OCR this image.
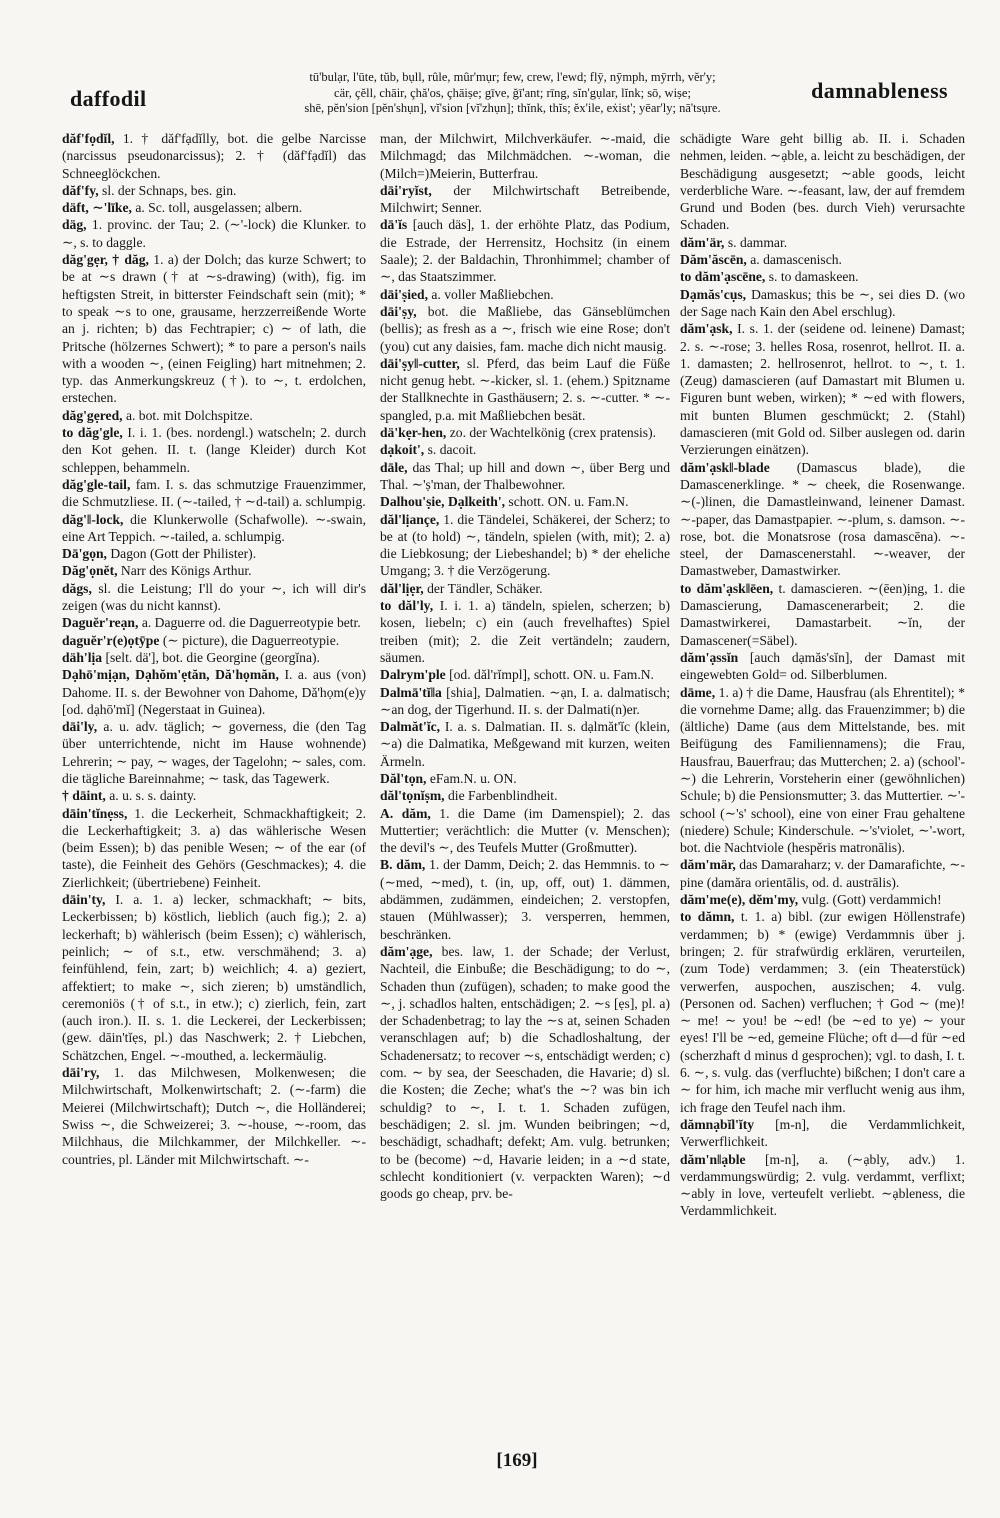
daffodil
tū'bulạr, l'ūte, tŭb, bụll, rûle, mûr'mụr; few, crew, l'ewd; flȳ, nȳmph, mȳrrh, vĕr'y;
cär, çĕll, chāir, çhă'os, çhāiṣe; gīve, ğī'ant; rīng, sĭn'gụlar, lĭnk; sō, wiṣe;
shē, pĕn'sion [pĕn'shụn], vĭ'sion [vĭ'zhụn]; thĭnk, thĭs; ĕx'ile, eẋist'; yēar'ly; nā'tsụre.
damnableness

dăf'fọdĭl, 1. † dăf'fạdĭlly, bot. die gelbe Narcisse (narcissus pseudonarcissus); 2. † (dăf'fạdĭl) das Schneeglöckchen.

dăf'fy, sl. der Schnaps, bes. gin.

däft, ∼'līke, a. Sc. toll, ausgelassen; albern.

däg, 1. provinc. der Tau; 2. (∼'-lock) die Klunker. to ∼, s. to daggle.

dăg'gẹr, † dăg, 1. a) der Dolch; das kurze Schwert; to be at ∼s drawn († at ∼s-drawing) (with), fig. im heftigsten Streit, in bitterster Feindschaft sein (mit); * to speak ∼s to one, grausame, herzzerreißende Worte an j. richten; b) das Fechtrapier; c) ∼ of lath, die Pritsche (hölzernes Schwert); * to pare a person's nails with a wooden ∼, (einen Feigling) hart mitnehmen; 2. typ. das Anmerkungskreuz (†). to ∼, t. erdolchen, erstechen.

dăg'gẹred, a. bot. mit Dolchspitze.

to dăg'gle, I. i. 1. (bes. nordengl.) watscheln; 2. durch den Kot gehen. II. t. (lange Kleider) durch Kot schleppen, behammeln.

dăg'gle-tail, fam. I. s. das schmutzige Frauenzimmer, die Schmutzliese. II. (∼-tailed, † ∼d-tail) a. schlumpig.

dăg'‖-lock, die Klunkerwolle (Schafwolle). ∼-swain, eine Art Teppich. ∼-tailed, a. schlumpig.

Dā'gọn, Dagon (Gott der Philister).

Dăg'ọnĕt, Narr des Königs Arthur.

dăgs, sl. die Leistung; I'll do your ∼, ich will dir's zeigen (was du nicht kannst).

Daguĕr'reạn, a. Daguerre od. die Daguerreotypie betr.

daguĕr'r(e)ọtȳpe (∼ picture), die Daguerreotypie.

däh'lịa [selt. dä'], bot. die Georgine (georgĭna).

Dạhō'mịạn, Dạhŏm'ẹtăn, Dă'họmăn, I. a. aus (von) Dahome. II. s. der Bewohner von Dahome, Dă'họm(e)y [od. dạhō'mĭ] (Negerstaat in Guinea).

dāi'ly, a. u. adv. täglich; ∼ governess, die (den Tag über unterrichtende, nicht im Hause wohnende) Lehrerin; ∼ pay, ∼ wages, der Tagelohn; ∼ sales, com. die tägliche Bareinnahme; ∼ task, das Tagewerk.

† dāint, a. u. s. s. dainty.

dāin'tĭnẹss, 1. die Leckerheit, Schmackhaftigkeit; 2. die Leckerhaftigkeit; 3. a) das wählerische Wesen (beim Essen); b) das penible Wesen; ∼ of the ear (of taste), die Feinheit des Gehörs (Geschmackes); 4. die Zierlichkeit; (übertriebene) Feinheit.

dāin'ty, I. a. 1. a) lecker, schmackhaft; ∼ bits, Leckerbissen; b) köstlich, lieblich (auch fig.); 2. a) leckerhaft; b) wählerisch (beim Essen); c) wählerisch, peinlich; ∼ of s.t., etw. verschmähend; 3. a) feinfühlend, fein, zart; b) weichlich; 4. a) geziert, affektiert; to make ∼, sich zieren; b) umständlich, ceremoniös († of s.t., in etw.); c) zierlich, fein, zart (auch iron.). II. s. 1. die Leckerei, der Leckerbissen; (gew. dāin'tĭẹs, pl.) das Naschwerk; 2. † Liebchen, Schätzchen, Engel. ∼-mouthed, a. leckermäulig.

dāi'ry, 1. das Milchwesen, Molkenwesen; die Milchwirtschaft, Molkenwirtschaft; 2. (∼-farm) die Meierei (Milchwirtschaft); Dutch ∼, die Holländerei; Swiss ∼, die Schweizerei; 3. ∼-house, ∼-room, das Milchhaus, die Milchkammer, der Milchkeller. ∼-countries, pl. Länder mit Milchwirtschaft. ∼-

man, der Milchwirt, Milchverkäufer. ∼-maid, die Milchmagd; das Milchmädchen. ∼-woman, die (Milch=)Meierin, Butterfrau.

dāi'ryĭst, der Milchwirtschaft Betreibende, Milchwirt; Senner.

dā'ĭs [auch däs], 1. der erhöhte Platz, das Podium, die Estrade, der Herrensitz, Hochsitz (in einem Saale); 2. der Baldachin, Thronhimmel; chamber of ∼, das Staatszimmer.

dāi'ṣied, a. voller Maßliebchen.

dāi'ṣy, bot. die Maßliebe, das Gänseblümchen (bellis); as fresh as a ∼, frisch wie eine Rose; don't (you) cut any daisies, fam. mache dich nicht mausig.

dāi'ṣy‖-cutter, sl. Pferd, das beim Lauf die Füße nicht genug hebt. ∼-kicker, sl. 1. (ehem.) Spitzname der Stallknechte in Gasthäusern; 2. s. ∼-cutter. * ∼-spangled, p.a. mit Maßliebchen besät.

dä'kẹr-hen, zo. der Wachtelkönig (crex pratensis).

dạkoit', s. dacoit.

dāle, das Thal; up hill and down ∼, über Berg und Thal. ∼'ṣ'man, der Thalbewohner.

Dalhou'ṣie, Dạlkeith', schott. ON. u. Fam.N.

dăl'lịançe, 1. die Tändelei, Schäkerei, der Scherz; to be at (to hold) ∼, tändeln, spielen (with, mit); 2. a) die Liebkosung; der Liebeshandel; b) * der eheliche Umgang; 3. † die Verzögerung.

dăl'lịẹr, der Tändler, Schäker.

to dăl'ly, I. i. 1. a) tändeln, spielen, scherzen; b) kosen, liebeln; c) ein (auch frevelhaftes) Spiel treiben (mit); 2. die Zeit vertändeln; zaudern, säumen.

Dalrym'ple [od. dăl'rĭmpl], schott. ON. u. Fam.N.

Dalmā'tĭ‖a [shia], Dalmatien. ∼ạn, I. a. dalmatisch; ∼an dog, der Tigerhund. II. s. der Dalmati(n)er.

Dalmăt'ĭc, I. a. s. Dalmatian. II. s. dạlmăt'ĭc (klein, ∼a) die Dalmatika, Meßgewand mit kurzen, weiten Ärmeln.

Dăl'tọn, eFam.N. u. ON.

dăl'tọnĭṣm, die Farbenblindheit.

A. dăm, 1. die Dame (im Damenspiel); 2. das Muttertier; verächtlich: die Mutter (v. Menschen); the devil's ∼, des Teufels Mutter (Großmutter).

B. dăm, 1. der Damm, Deich; 2. das Hemmnis. to ∼ (∼med, ∼med), t. (in, up, off, out) 1. dämmen, abdämmen, zudämmen, eindeichen; 2. verstopfen, stauen (Mühlwasser); 3. versperren, hemmen, beschränken.

dăm'ạge, bes. law, 1. der Schade; der Verlust, Nachteil, die Einbuße; die Beschädigung; to do ∼, Schaden thun (zufügen), schaden; to make good the ∼, j. schadlos halten, entschädigen; 2. ∼s [ẹs], pl. a) der Schadenbetrag; to lay the ∼s at, seinen Schaden veranschlagen auf; b) die Schadloshaltung, der Schadenersatz; to recover ∼s, entschädigt werden; c) com. ∼ by sea, der Seeschaden, die Havarie; d) sl. die Kosten; die Zeche; what's the ∼? was bin ich schuldig? to ∼, I. t. 1. Schaden zufügen, beschädigen; 2. sl. jm. Wunden beibringen; ∼d, beschädigt, schadhaft; defekt; Am. vulg. betrunken; to be (become) ∼d, Havarie leiden; in a ∼d state, schlecht konditioniert (v. verpackten Waren); ∼d goods go cheap, prv. be-

schädigte Ware geht billig ab. II. i. Schaden nehmen, leiden. ∼ạble, a. leicht zu beschädigen, der Beschädigung ausgesetzt; ∼able goods, leicht verderbliche Ware. ∼-feasant, law, der auf fremdem Grund und Boden (bes. durch Vieh) verursachte Schaden.

dăm'är, s. dammar.

Dăm'ăscēn, a. damascenisch.

to dăm'ạscēne, s. to damaskeen.

Dạmăs'cụs, Damaskus; this be ∼, sei dies D. (wo der Sage nach Kain den Abel erschlug).

dăm'ạsk, I. s. 1. der (seidene od. leinene) Damast; 2. s. ∼-rose; 3. helles Rosa, rosenrot, hellrot. II. a. 1. damasten; 2. hellrosenrot, hellrot. to ∼, t. 1. (Zeug) damascieren (auf Damastart mit Blumen u. Figuren bunt weben, wirken); * ∼ed with flowers, mit bunten Blumen geschmückt; 2. (Stahl) damascieren (mit Gold od. Silber auslegen od. darin Verzierungen einätzen).

dăm'ạsk‖-blade (Damascus blade), die Damascenerklinge. * ∼ cheek, die Rosenwange. ∼(-)linen, die Damastleinwand, leinener Damast. ∼-paper, das Damastpapier. ∼-plum, s. damson. ∼-rose, bot. die Monatsrose (rosa damascēna). ∼-steel, der Damascenerstahl. ∼-weaver, der Damastweber, Damastwirker.

to dăm'ạsk‖ēen, t. damascieren. ∼(ēen)ịng, 1. die Damascierung, Damascenerarbeit; 2. die Damastwirkerei, Damastarbeit. ∼ĭn, der Damascener(=Säbel).

dăm'ạssĭn [auch dạmăs'sĭn], der Damast mit eingewebten Gold= od. Silberblumen.

dāme, 1. a) † die Dame, Hausfrau (als Ehrentitel); * die vornehme Dame; allg. das Frauenzimmer; b) die (ältliche) Dame (aus dem Mittelstande, bes. mit Beifügung des Familiennamens); die Frau, Hausfrau, Bauerfrau; das Mutterchen; 2. a) (school'-∼) die Lehrerin, Vorsteherin einer (gewöhnlichen) Schule; b) die Pensionsmutter; 3. das Muttertier. ∼'-school (∼'s' school), eine von einer Frau gehaltene (niedere) Schule; Kinderschule. ∼'s'violet, ∼'-wort, bot. die Nachtviole (hespĕris matronālis).

dăm'mär, das Damaraharz; v. der Damarafichte, ∼-pine (damăra orientālis, od. d. austrālis).

dăm'me(e), dĕm'my, vulg. (Gott) verdammich!

to dămn, t. 1. a) bibl. (zur ewigen Höllenstrafe) verdammen; b) * (ewige) Verdammnis über j. bringen; 2. für strafwürdig erklären, verurteilen, (zum Tode) verdammen; 3. (ein Theaterstück) verwerfen, auspochen, auszischen; 4. vulg. (Personen od. Sachen) verfluchen; † God ∼ (me)! ∼ me! ∼ you! be ∼ed! (be ∼ed to ye) ∼ your eyes! I'll be ∼ed, gemeine Flüche; oft d—d für ∼ed (scherzhaft d minus d gesprochen); vgl. to dash, I. t. 6. ∼, s. vulg. das (verfluchte) bißchen; I don't care a ∼ for him, ich mache mir verflucht wenig aus ihm, ich frage den Teufel nach ihm.

dămnạbĭl'ĭty [m-n], die Verdammlichkeit, Verwerflichkeit.

dăm'n‖ạble [m-n], a. (∼ạbly, adv.) 1. verdammungswürdig; 2. vulg. verdammt, verflixt; ∼ably in love, verteufelt verliebt. ∼ạbleness, die Verdammlichkeit.

[169]
